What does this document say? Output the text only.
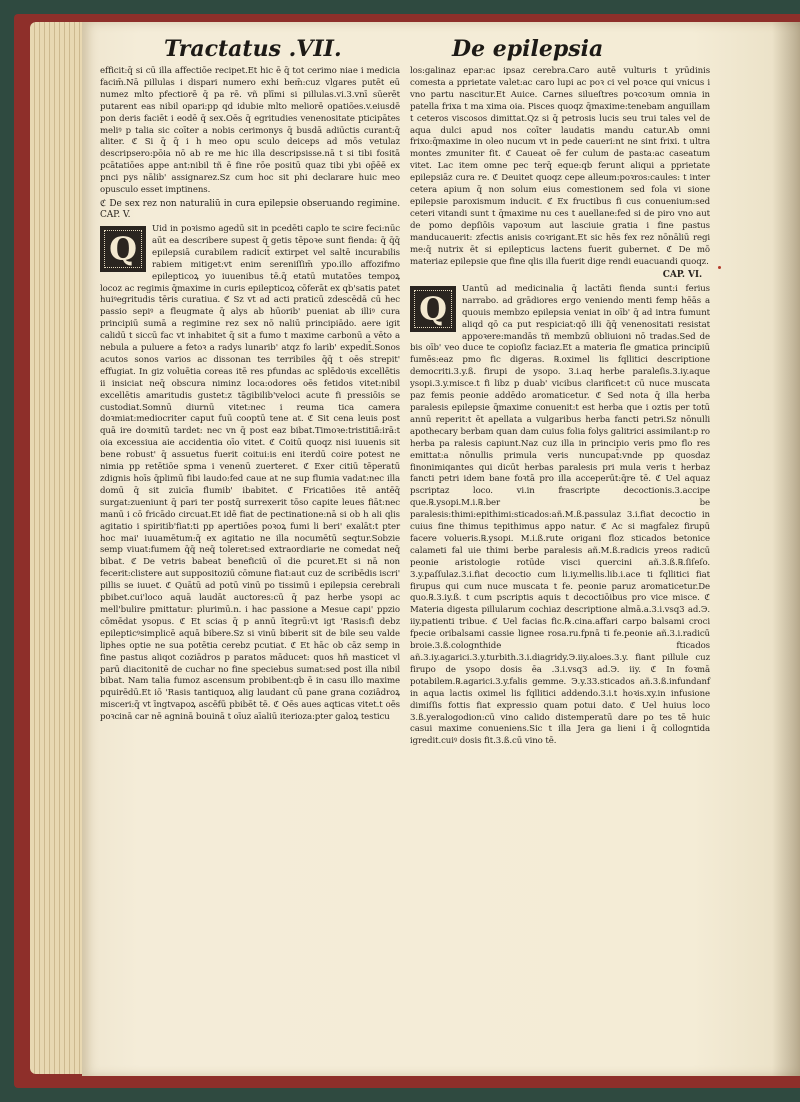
Tractatus .VII.	De epilepsia

efficit:q̄ si cū illa affectiōe recipet.Et hic ē q̄ tot cerimo niae i medicia facim̄.Nā pillulas i dispari numero exhi bem̄:cuz vlgares putēt eū numez mlto pfectiorē q̄ pa rē. vñ plīmi si pillulas.vi.3.vnī sūerēt putarent eas nibil opari:pp qd idubie mlto meliorē opatiōes.v.eiusdē pon deris faciēt i eodē q̄ sex.Oēs q̄ egritudies venenositate pticipātes meliꝰ p talia sic coīter a nobis cerimonys q̄ busdā adiūctis curant:q̄ aliter. ℭ Si q̄ q̄ i h meo opu sculo deiceps ad mōs vetulaz descripsero:pōia nō ab re me hic illa descripsisse.nā t si tibi fositā pcātatiōes appe ant:nibil tñ ē fine rōe positū quaz tibi ybi op̄ēē ex pnci pys nālib' assignarez.Sz cum hoc sit phi declarare huic meo opusculo esset imptinens.

ℭ De sex rez non naturaliū in cura epilepsie obseruando regimine. CAP. V.

Q

Uid in poꝛismo agedū sit in pcedēti caplo te scire feci:nūc aūt ea describere supest q̄ getis tēpoꝛe sunt fienda: q̄ q̄q̄ epilepsiā curabilem radicit̄ extirpet vel saltē incurabilis rabiem mitiget:vt enim sereniſſim̄ ypo.illo affozifmo epilepticoꝝ yo iuuenibus tē.q̄ etatū mutatōes tempoꝝ locoz ac regimis q̄maxime in curis epilepticoꝝ cōferāt ex qb'satis patet huiꝰegritudis tēris curatiua. ℭ Sz vt ad acti praticū zdescēdā cū hec passio sepiꝰ a fleugmate q̄ alys ab hūorib' pueniat ab illiꝰ cura principiū sumā a regimine rez sex nō naliū principiādo. aere igit calidū t siccū fac vt inhabitet q̄ sit a fumo t maxime carbonū a vēto a nebula a puluere a fetoꝛ a radys lunarib' atqz fo larib' expedit̄.Sonos acutos sonos varios ac dissonan tes terribiles q̄q̄ t oēs strepit' effugiat. In giz voluētia coreas itē res pfundas ac splēdoꝛis excellētis ii insiciat neq̄ obscura niminz loca:odores oēs fetidos vitet:nibil excellētis amaritudis gustet:z tāgibilib'veloci acute fi pressiōis se custodiat.Somnū diurnū vitet:nec i reuma tica camera doꝛmiat:mediocriter caput fuū cooptū tene at. ℭ Sit cena leuis post quā ire doꝛmitū tardet: nec vn q̄ post eaz bibat.Timoꝛe:tristitiā:irā:t oia excessiua aie accidentia oīo vitet. ℭ Coitū quoqz nisi iuuenis sit bene robust' q̄ assuetus fuerit coitui:is eni iterdū coire potest ne nimia pp retētiōe spma i venenū zuerteret. ℭ Exer citiū tēperatū zdignis hoīs q̄plimū fibi laudo:fed caue at ne sup flumia vadat:nec illa domū q̄ sit zuicīa flumib' ibabitet. ℭ Fricatiōes itē antēq̄ surgat:zueniunt q̄ pari ter postq̄ surrexerit tōso capite leues fiāt:nec manū i cō fricādo circuat.Et idē fiat de pectinatione:nā si ob h ali qlis agitatio i spiritib'fiat:ti pp apertiōes poꝛoꝝ fumi li beri' exalāt:t pter hoc mai' iuuamētum:q̄ ex agitatio ne illa nocumētū seqtur.Sobzie semp viuat:fumem q̄q̄ neq̄ toleret:sed extraordiarie ne comedat neq̄ bibat. ℭ De vetris babeat beneficiū oī die pcuret.Et si nā non fecerit:clistere aut suppositoziū cōmune fiat:aut cuz de scribēdis iscri' pillis se iuuet. ℭ Quātū ad potū vinū po tissimū i epilepsia cerebrali pbibet.cui'loco aquā laudāt auctores:cū q̄ paz herbe ysopi ac mell'bulire pmittatur: plurimū.n. i hac passione a Mesue capi' ppzio cōmēdat ysopus. ℭ Et scias q̄ p annū ītegrū:vt igt 'Rasis:fi debz epilepticꝰsimplicē aquā bibere.Sz si vinū biberit sit de bile seu valde liphes optie ne sua potētia cerebz pcutiat. ℭ Et hāc ob cāz semp in fine pastus aliqot coziādros p paratos māducet: quos hñ masticet vl parū diacitonitē de cuchar no fine speciebus sumat:sed post illa nibil bibat. Nam talia fumoz ascensum probibent:qb ē in casu illo maxime pquirēdū.Et iō 'Rasis tantiquoꝝ alig laudant cū pane grana coziādroꝝ misceri:q̄ vt īngtvapoꝝ ascēfū pbibēt tē. ℭ Oēs aues aqticas vitet.t oēs poꝛcinā car nē agninā bouinā t oīuz aīaliū iterioza:pter galoꝝ testicu

los:galinaz epar:ac ipsaz cerebra.Caro autē vulturis t yrūdinis comesta a pprietate valet:ac caro lupi ac poꝛ ci vel poꝛce qui vnicus i vno partu nascitur.Et Auice. Carnes silueſtres poꝛcoꝛum omnia in patella frixa t ma xima oia. Pisces quoqz q̄maxime:tenebam anguillam t ceteros viscosos dimittat.Qz si q̄ petrosis lucis seu trui tales vel de aqua dulci apud nos coīter laudatis mandu catur.Ab omni frixo:q̄maxime in oleo nucum vt in pede caueri:nt ne sint frixi. t ultra montes zmuniter fit. ℭ Caueat oē fer culum de pasta:ac caseatum vitet. Lac item omne pec terq̄ eque:qb ferunt aliqui a pprietate epilepsiāz cura re. ℭ Deuitet quoqz cepe alleum:poꝛros:caules: t inter cetera apium q̄ non solum eius comestionem sed fola vi sione epilepsie paroxismum inducit. ℭ Ex fructibus fi cus conuenium:sed ceteri vitandi sunt t q̄maxime nu ces t auellane:fed si de piro vno aut de pomo depſiōis vapoꝛum aut lasciuie gratia i fine pastus manducauerit: zfectis anisis coꝛrigant.Et sic hēs fex rez nōnāliū regi me:q̄ nutrix ēt si epilepticus lactens fuerit gubernet. ℭ De mō materiaz epilepsie que fine qlis illa fuerit dige rendi euacuandi quoqz.

CAP. VI.

Q

Uantū ad medicinalia q̄ lactāti fienda sunt:i ferius narrabo. ad grādiores ergo veniendo menti femp hēās a quouis membzo epilepsia veniat in oīb' q̄ ad intra fumunt aliqd qō ca put respiciat:qō illi q̄q̄ venenositati resistat appoꝛere:mandās tñ membzū obliuioni nō tradas.Sed de bis oīb' veo duce te copioſiz faciaz.Et a materia fle gmatica principiū fumēs:eaz pmo fic digeras. ℞.oximel lis fqllitici descriptione democriti.3.y.ß. firupi de ysopo. 3.i.aq herbe paraleſis.3.iy.aque ysopi.3.y.misce.t fi libz p duab' vicibus clarificet:t cū nuce muscata paz femis peonie addēdo aromaticetur. ℭ Sed nota q̄ illa herba paralesis epilepsie q̄maxime conuenit:t est herba que i oztis per totū annū reperit:t ēt apellata a vulgaribus herba fancti petri.Sz nōnulli apothecary berbam quan dam cuius folia folys galitrici assimilant:p ro herba pa ralesis capiunt.Naz cuz illa in principio veris pmo flo res emittat:a nōnullis primula veris nuncupat̄:vnde pp quosdaz finonimiqantes qui dicūt herbas paralesis pri mula veris t herbaz fancti petri idem bane foꝛtā pro illa acceperūt:q̄re tē. ℭ Uel aquaz pscriptaz loco. vi.in frascripte decoctionis.3.accipe que.℞.ysopi.M.i.℞.ber be paralesis:thimi:epithimi:sticados:añ.M.ß.passulaz 3.i.fiat decoctio in cuius fine thimus tepithimus appo natur. ℭ Ac si magfalez firupū facere volueris.℞.ysopi. M.i.ß.rute origani floz sticados betonice calameti fal uie thimi berbe paralesis añ.M.ß.radicis yreos radicū peonie aristologie rotūde visci quercini añ.3.ß.℞.ſiſeſo. 3.y.paſſulaz.3.i.fiat decoctio cum li.iy.mellis.lib.i.ace ti fqllitici fiat firupus qui cum nuce muscata t fe. peonie paruz aromaticetur.De quo.℞.3.iy.ß. t cum pscriptis aquis t decoctiōibus pro vice misce. ℭ Materia digesta pillularum cochiaz descriptione almā.a.3.i.vsq3 ad.Э. iiy.patienti tribue. ℭ Uel facias fic.℞.cina.affari carpo balsami croci fpecie oribalsami cassie lignee rosa.ru.fpnā ti fe.peonie añ.3.i.radicū broie.3.ß.colognthide fticados añ.3.iy.agarici.3.y.turbith.3.i.diagridy.Э.iiy.aloes.3.y. fiant pillule cuz firupo de ysopo dosis ēa .3.i.vsq3 ad.Э. iiy. ℭ In foꝛmā potabilem.℞.agarici.3.y.falis gemme. Э.y.33.sticados añ.3.ß.infundanf in aqua lactis oximel lis fqllitici addendo.3.i.t hoꝛis.xy.in infusione dimiſſis fottis fiat expressio quam potui dato. ℭ Uel huius loco 3.ß.yeralogodion:cū vino calido distemperatū dare po tes tē huic casui maxime conueniens.Sic t illa Jera ga lieni i q̄ collogntida igredit.cuiꝰ dosis fit.3.ß.cū vino tē.
